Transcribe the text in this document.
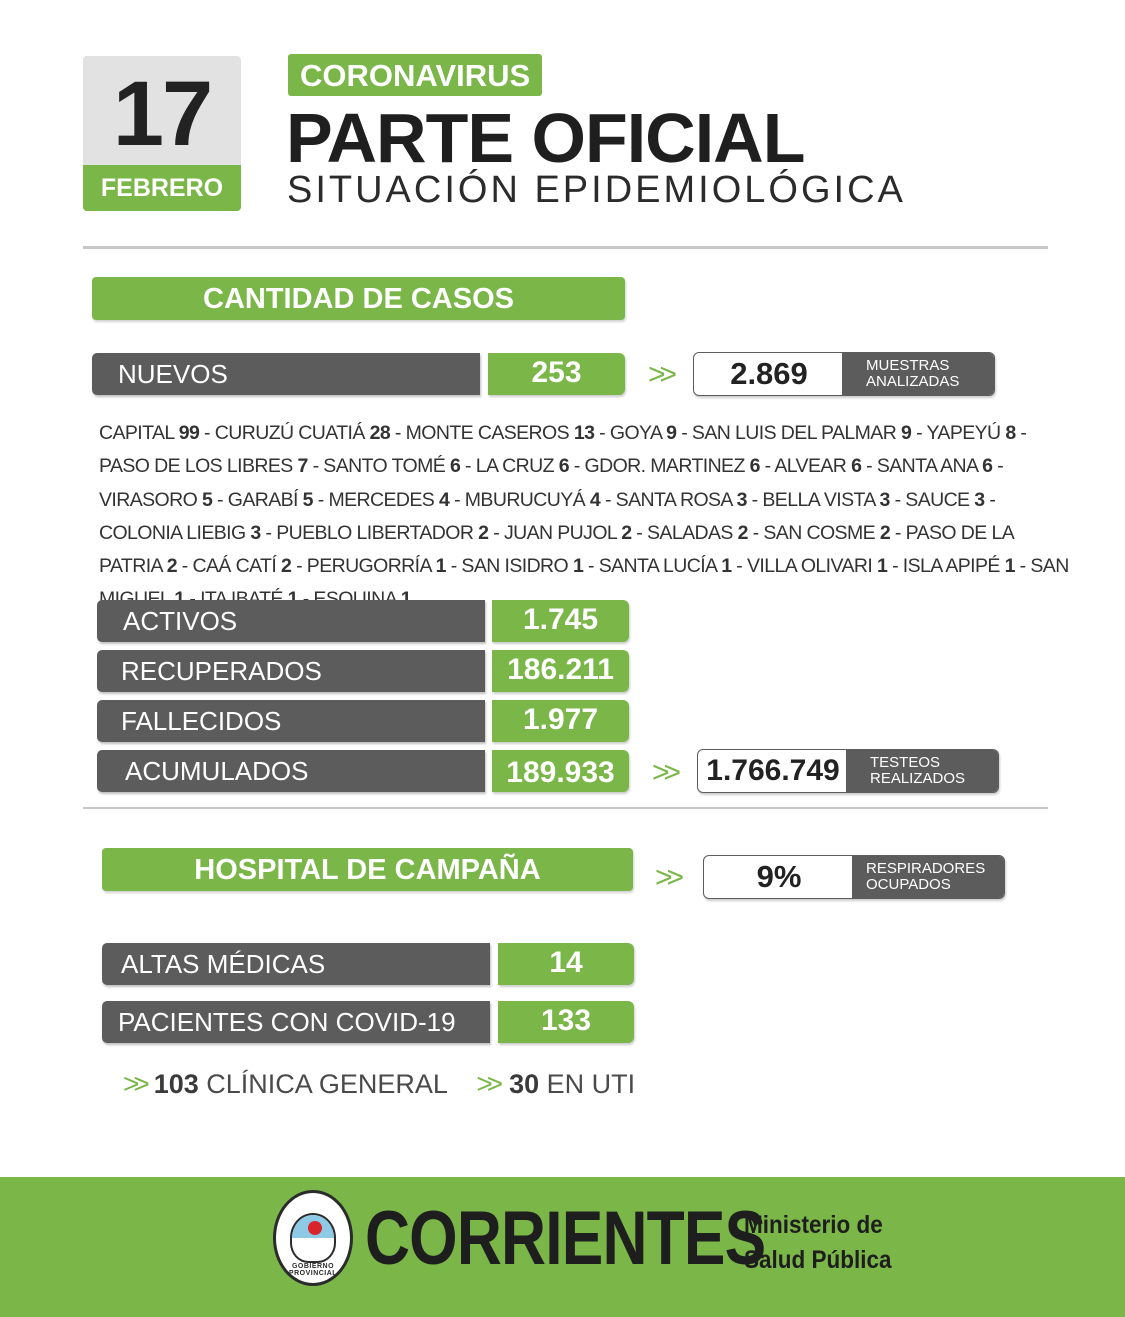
17
FEBRERO
CORONAVIRUS
PARTE OFICIAL
SITUACIÓN EPIDEMIOLÓGICA
CANTIDAD DE CASOS
NUEVOS	253	>>	2.869	MUESTRAS
ANALIZADAS
CAPITAL 99 - CURUZÚ CUATIÁ 28 - MONTE CASEROS 13 - GOYA 9 - SAN LUIS DEL PALMAR 9 - YAPEYÚ 8 - PASO DE LOS LIBRES 7 - SANTO TOMÉ 6 - LA CRUZ 6 - GDOR. MARTINEZ 6 - ALVEAR 6 - SANTA ANA 6 - VIRASORO 5 - GARABÍ 5 - MERCEDES 4 - MBURUCUYÁ 4 - SANTA ROSA 3 - BELLA VISTA 3 - SAUCE 3 - COLONIA LIEBIG 3 - PUEBLO LIBERTADOR 2 - JUAN PUJOL 2 - SALADAS 2 - SAN COSME 2 - PASO DE LA PATRIA 2 - CAÁ CATÍ 2 - PERUGORRÍA 1 - SAN ISIDRO 1 - SANTA LUCÍA 1 - VILLA OLIVARI 1 - ISLA APIPÉ 1 - SAN
ACTIVOS	1.745
RECUPERADOS	186.211
FALLECIDOS	1.977
ACUMULADOS	189.933	>> 1.766.749	TESTEOS
REALIZADOS
HOSPITAL DE CAMPAÑA	>>	9%	RESPIRADORES
OCUPADOS
ALTAS MÉDICAS	14
PACIENTES CON COVID-19	133
>> 103 CLÍNICA GENERAL >> 30 EN UTI
GOBIERNO PROVINCIAL CORRIENTES
Ministerio de
Salud Pública
